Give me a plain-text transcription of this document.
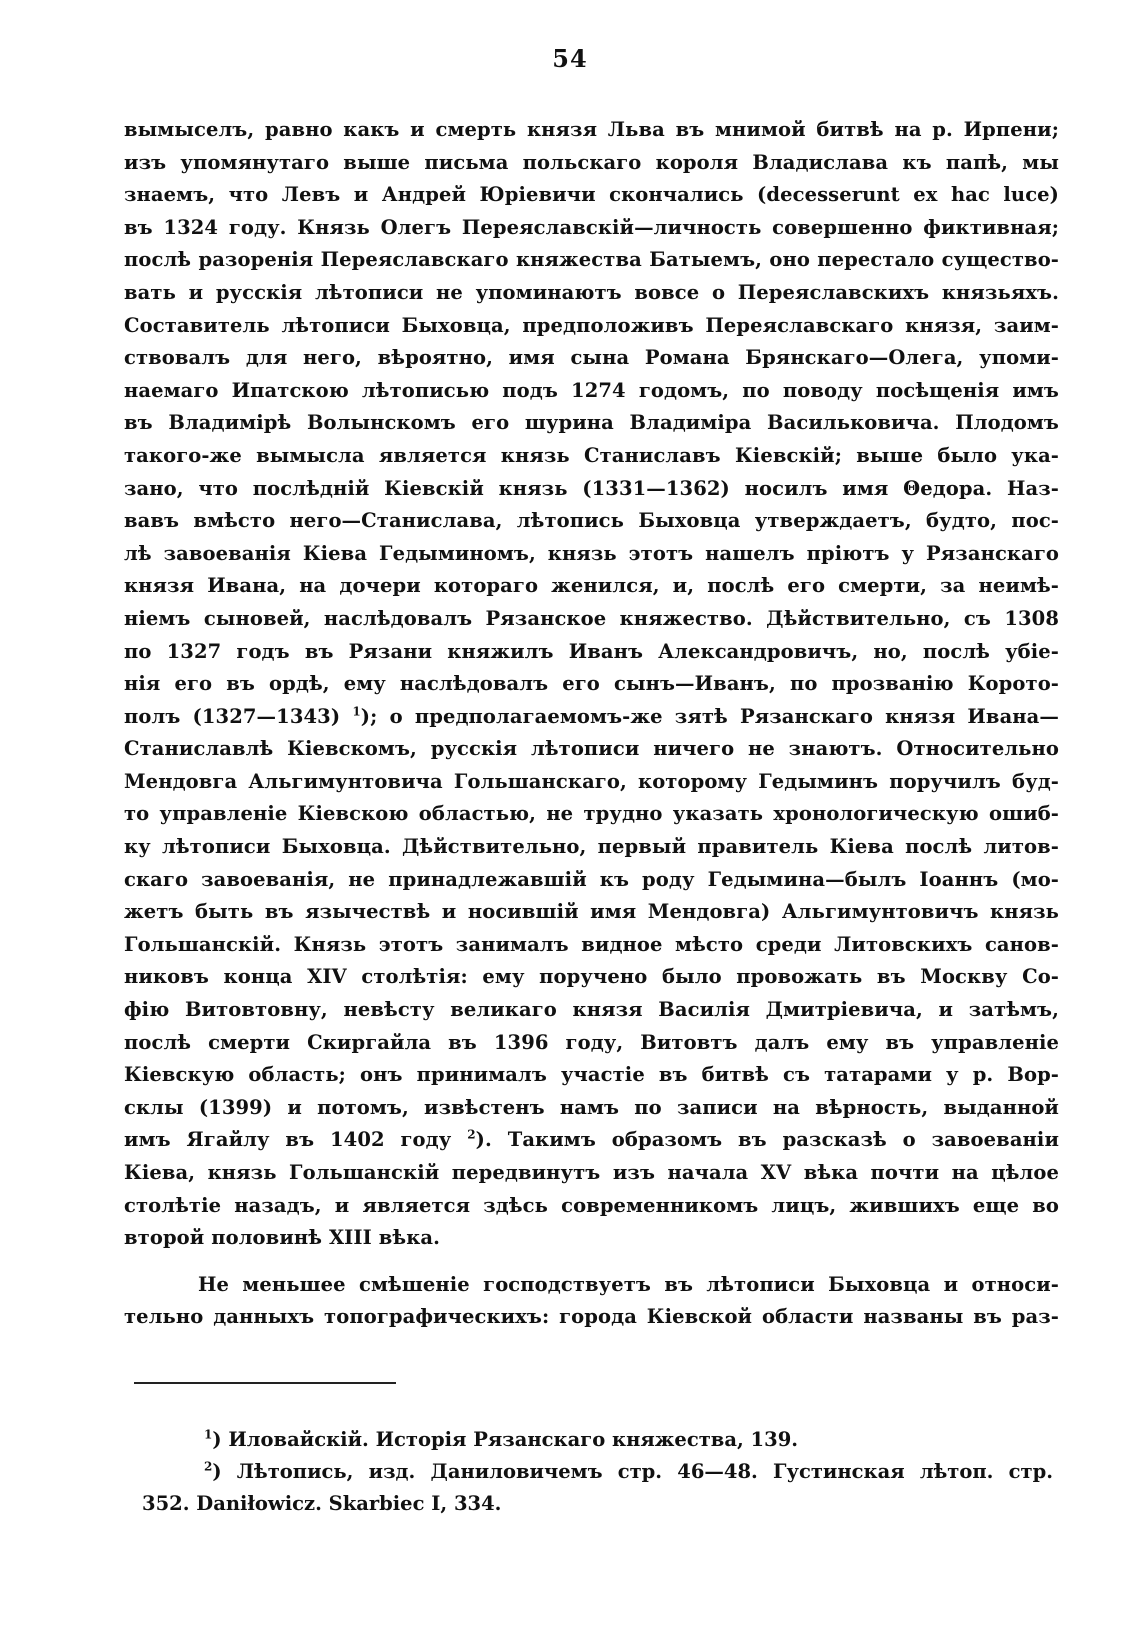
54
вымыселъ, равно какъ и смерть князя Льва въ мнимой битвѣ на р. Ирпени;
изъ упомянутаго выше письма польскаго короля Владислава къ папѣ, мы
знаемъ, что Левъ и Андрей Юріевичи скончались (decesserunt ex hac luce)
въ 1324 году. Князь Олегъ Переяславскій—личность совершенно фиктивная;
послѣ разоренія Переяславскаго княжества Батыемъ, оно перестало существо-
вать и русскія лѣтописи не упоминаютъ вовсе о Переяславскихъ князьяхъ.
Составитель лѣтописи Быховца, предположивъ Переяславскаго князя, заим-
ствовалъ для него, вѣроятно, имя сына Романа Брянскаго—Олега, упоми-
наемаго Ипатскою лѣтописью подъ 1274 годомъ, по поводу посѣщенія имъ
въ Владимірѣ Волынскомъ его шурина Владиміра Васильковича. Плодомъ
такого-же вымысла является князь Станиславъ Кіевскій; выше было ука-
зано, что послѣдній Кіевскій князь (1331—1362) носилъ имя Θедора. Наз-
вавъ вмѣсто него—Станислава, лѣтопись Быховца утверждаетъ, будто, пос-
лѣ завоеванія Кіева Гедыминомъ, князь этотъ нашелъ пріютъ у Рязанскаго
князя Ивана, на дочери котораго женился, и, послѣ его смерти, за неимѣ-
ніемъ сыновей, наслѣдовалъ Рязанское княжество. Дѣйствительно, съ 1308
по 1327 годъ въ Рязани княжилъ Иванъ Александровичъ, но, послѣ убіе-
нія его въ ордѣ, ему наслѣдовалъ его сынъ—Иванъ, по прозванію Коротo-
полъ (1327—1343) $^1$); о предполагаемомъ-же зятѣ Рязанскаго князя Ивана—
Станиславлѣ Кіевскомъ, русскія лѣтописи ничего не знаютъ. Относительно
Мендовга Альгимунтовича Гольшанскаго, которому Гедыминъ поручилъ буд-
то управленіе Кіевскою областью, не трудно указать хронологическую ошиб-
ку лѣтописи Быховца. Дѣйствительно, первый правитель Кіева послѣ литов-
скаго завоеванія, не принадлежавшій къ роду Гедымина—былъ Іоаннъ (мо-
жетъ быть въ язычествѣ и носившій имя Мендовга) Альгимунтовичъ князь
Гольшанскій. Князь этотъ занималъ видное мѣсто среди Литовскихъ санов-
никовъ конца XIV столѣтія: ему поручено было провожать въ Москву Со-
фію Витовтовну, невѣсту великаго князя Василія Дмитріевича, и затѣмъ,
послѣ смерти Скиргайла въ 1396 году, Витовтъ далъ ему въ управленіе
Кіевскую область; онъ принималъ участіе въ битвѣ съ татарами у р. Вор-
склы (1399) и потомъ, извѣстенъ намъ по записи на вѣрность, выданной
имъ Ягайлу въ 1402 году $^2$). Такимъ образомъ въ разсказѣ о завоеваніи
Кіева, князь Гольшанскій передвинутъ изъ начала XV вѣка почти на цѣлое
столѣтіе назадъ, и является здѣсь современникомъ лицъ, жившихъ еще во
второй половинѣ XIII вѣка.
Не меньшее смѣшеніе господствуетъ въ лѣтописи Быховца и относи-
тельно данныхъ топографическихъ: города Кіевской области названы въ раз-
$^1$) Иловайскій. Исторія Рязанскаго княжества, 139.
$^2$) Лѣтопись, изд. Даниловичемъ стр. 46—48. Густинская лѣтоп. стр.
352. Daniłowicz. Skarbiec I, 334.
